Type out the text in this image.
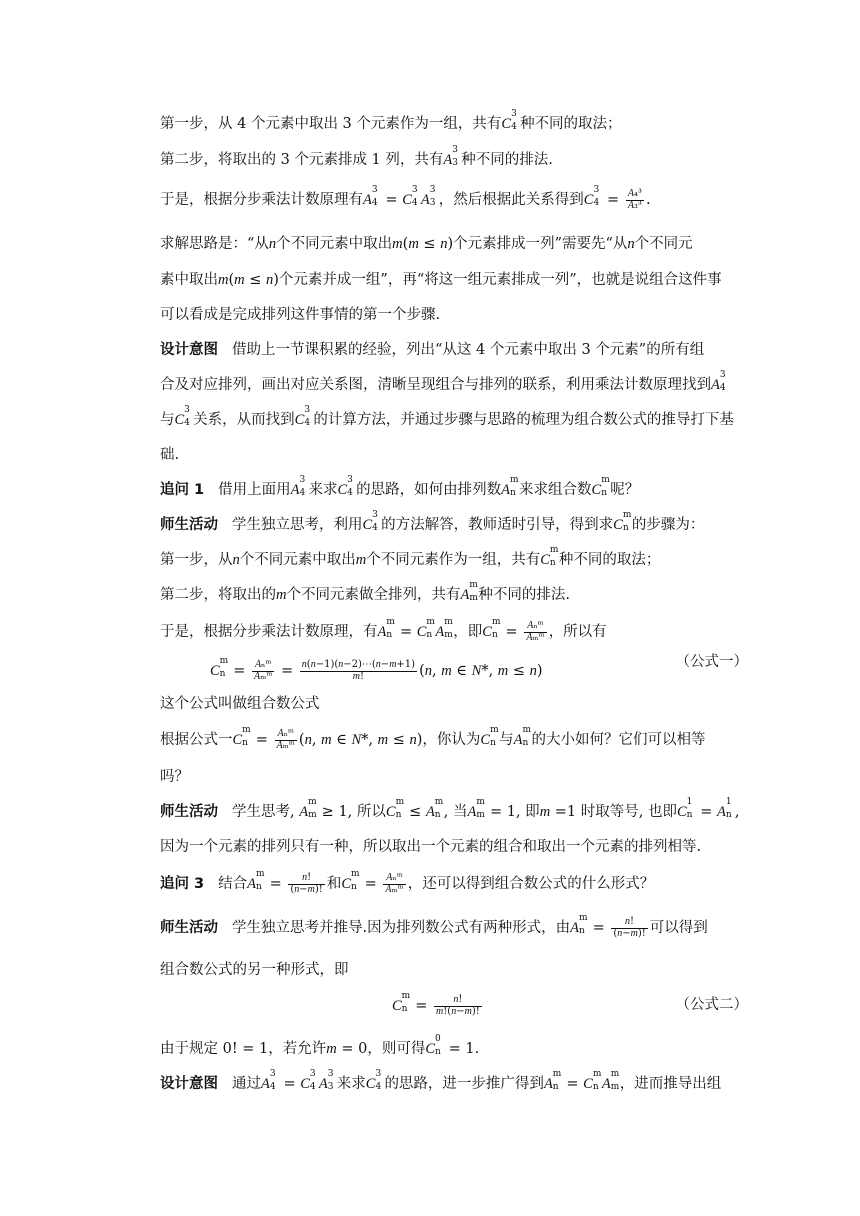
第一步，从 4 个元素中取出 3 个元素作为一组，共有C
3
4 种不同的取法；
第二步，将取出的 3 个元素排成 1 列，共有A
3
3 种不同的排法.
于是，根据分步乘法计数原理有A
3
4 = C
3
4 A
3
3 ，然后根据此关系得到C
3
$4 = \frac{\text{A₄³}}{\text{A₃³}}$ .
求解思路是：“从n个不同元素中取出m(m ≤ n)个元素排成一列”需要先“从n个不同元
素中取出m(m ≤ n)个元素并成一组”，再“将这一组元素排成一列”，也就是说组合这件事
可以看成是完成排列这件事情的第一个步骤.
设计意图 借助上一节课积累的经验，列出“从这 4 个元素中取出 3 个元素”的所有组
合及对应排列，画出对应关系图，清晰呈现组合与排列的联系，利用乘法计数原理找到A
3
4
与C
3
4 关系，从而找到C
3
4 的计算方法，并通过步骤与思路的梳理为组合数公式的推导打下基
础.
追问 1 借用上面用A
3
4 来求C
3
4 的思路，如何由排列数A
m
n 来求组合数C
m
n 呢？
师生活动 学生独立思考，利用C
3
4 的方法解答，教师适时引导，得到求C
m
n 的步骤为：
第一步，从n个不同元素中取出m个不同元素作为一组，共有C
m
n 种不同的取法；
第二步，将取出的m个不同元素做全排列，共有A
m
m 种不同的排法.
于是，根据分步乘法计数原理，有A
m
n = C
m
n A
m
m ，即C
m
$n = \frac{\text{Aₙᵐ}}{\text{Aₘᵐ}}$ ，所以有
C
m
$n = \frac{\text{Aₙᵐ}}{\text{Aₘᵐ}} = \frac{n(n-1)(n-2)\cdots(n-m+1)}{m!} (n$, m ∈ N*, m ≤ n)
（公式一）
这个公式叫做组合数公式
根据公式一C
m
$n = \frac{\text{Aₙᵐ}}{\text{Aₘᵐ}} (n$, m ∈ N*, m ≤ n)，你认为C
m
n 与A
m
n 的大小如何？它们可以相等
吗？
师生活动 学生思考, A
m
m ≥ 1, 所以C
m
n ≤ A
m
n , 当A
m
m = 1, 即m =1 时取等号, 也即C
1
n = A
1
n ,
因为一个元素的排列只有一种，所以取出一个元素的组合和取出一个元素的排列相等.
追问 3 结合A
m
$n = \frac{n!}{(n-m)!}$ 和C
m
$n = \frac{\text{Aₙᵐ}}{\text{Aₘᵐ}}$ ，还可以得到组合数公式的什么形式？
师生活动 学生独立思考并推导.因为排列数公式有两种形式，由A
m
$n = \frac{n!}{(n-m)!}$ 可以得到
组合数公式的另一种形式，即
C
m
$n = \frac{n!}{m!(n-m)!}$	（公式二）
由于规定 0! = 1，若允许m = 0，则可得C
0
n = 1.
设计意图 通过A
3
4 = C
3
4 A
3
3 来求C
3
4 的思路，进一步推广得到A
m
n = C
m
n A
m
m ，进而推导出组
